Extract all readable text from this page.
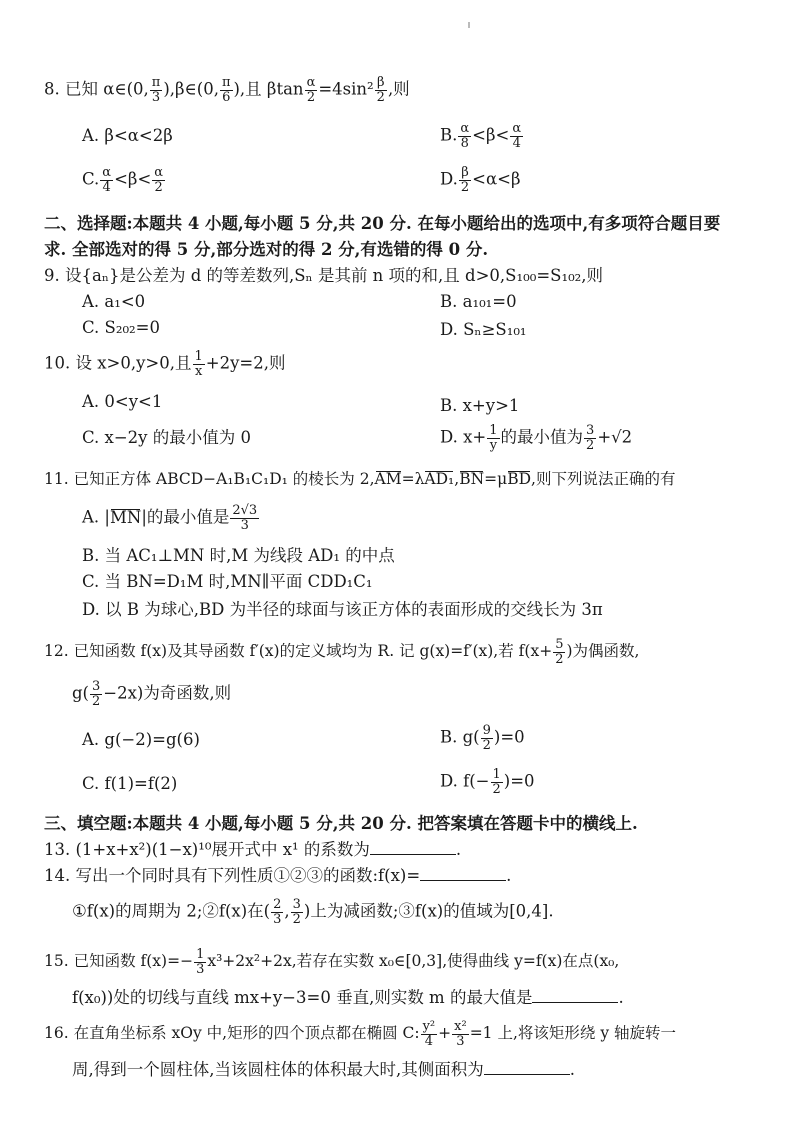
8. 已知 α∈(0, $\frac{\pi}{3}$ ),β∈(0, $\frac{\pi}{6}$ ),且 βtan $\frac{\alpha}{2} =4\sin^2 \frac{\beta}{2}$ ,则
A. β<α<2β	B. $\frac{\alpha}{8} <\beta< \frac{\alpha}{4}$
C. $\frac{\alpha}{4} <\beta< \frac{\alpha}{2}$	D. $\frac{\beta}{2} <\alpha<\beta$
二、选择题:本题共 4 小题,每小题 5 分,共 20 分. 在每小题给出的选项中,有多项符合题目要
求. 全部选对的得 5 分,部分选对的得 2 分,有选错的得 0 分.
9. 设{aₙ}是公差为 d 的等差数列,Sₙ 是其前 n 项的和,且 d>0,S₁₀₀=S₁₀₂,则
A. a₁<0	B. a₁₀₁=0
C. S₂₀₂=0	D. Sₙ≥S₁₀₁
10. 设 x>0,y>0,且 $\frac{1}{x} +2y=2$,则
A. 0<y<1	B. x+y>1
C. x−2y 的最小值为 0	D. $x+ \frac{1}{y}$ 的最小值为 $\frac{3}{2} +√2$
11. 已知正方体 ABCD−A₁B₁C₁D₁ 的棱长为 2,AM=λAD₁,BN=μBD,则下列说法正确的有
A. |MN|的最小值是 $\frac{2√3}{3}$
B. 当 AC₁⊥MN 时,M 为线段 AD₁ 的中点
C. 当 BN=D₁M 时,MN∥平面 CDD₁C₁
D. 以 B 为球心,BD 为半径的球面与该正方体的表面形成的交线长为 3π
12. 已知函数 f(x)及其导函数 f′(x)的定义域均为 R. 记 g(x)=f′(x),若 $f(x+ \frac{5}{2}$ )为偶函数,
$g( \frac{3}{2} -2x)$为奇函数,则
A. g(−2)=g(6)	B. $g( \frac{9}{2} )=0$
C. f(1)=f(2)	D. $f(- \frac{1}{2} )=0$
三、填空题:本题共 4 小题,每小题 5 分,共 20 分. 把答案填在答题卡中的横线上.
13. (1+x+x²)(1−x)¹⁰展开式中 x¹ 的系数为	.
14. 写出一个同时具有下列性质①②③的函数:f(x)=	.
①f(x)的周期为 2;②f(x)在( $\frac{2}{3}$ , $\frac{3}{2}$ )上为减函数;③f(x)的值域为[0,4].
15. 已知函数 $f(x)=- \frac{1}{3} x^3+2x^2+2x$,若存在实数 x₀∈[0,3],使得曲线 y=f(x)在点(x₀,
f(x₀))处的切线与直线 mx+y−3=0 垂直,则实数 m 的最大值是	.
16. 在直角坐标系 xOy 中,矩形的四个顶点都在椭圆 C: $\frac{\text{y²}}{4} + \frac{\text{x²}}{3} =1$ 上,将该矩形绕 y 轴旋转一
周,得到一个圆柱体,当该圆柱体的体积最大时,其侧面积为	.
